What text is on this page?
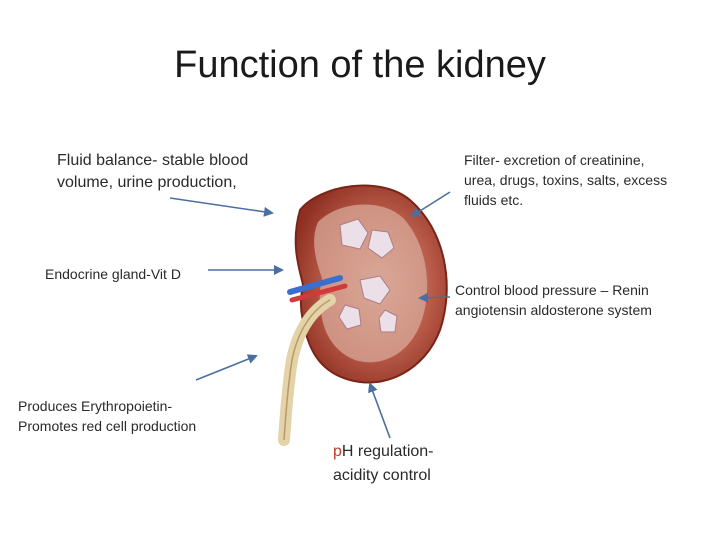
Function of the kidney
Fluid balance- stable blood
volume, urine production,
Filter- excretion of creatinine,
urea, drugs, toxins, salts, excess
fluids etc.
Endocrine gland-Vit D
Control blood pressure – Renin
angiotensin aldosterone system
Produces Erythropoietin-
Promotes red cell production
pH regulation-
acidity control
